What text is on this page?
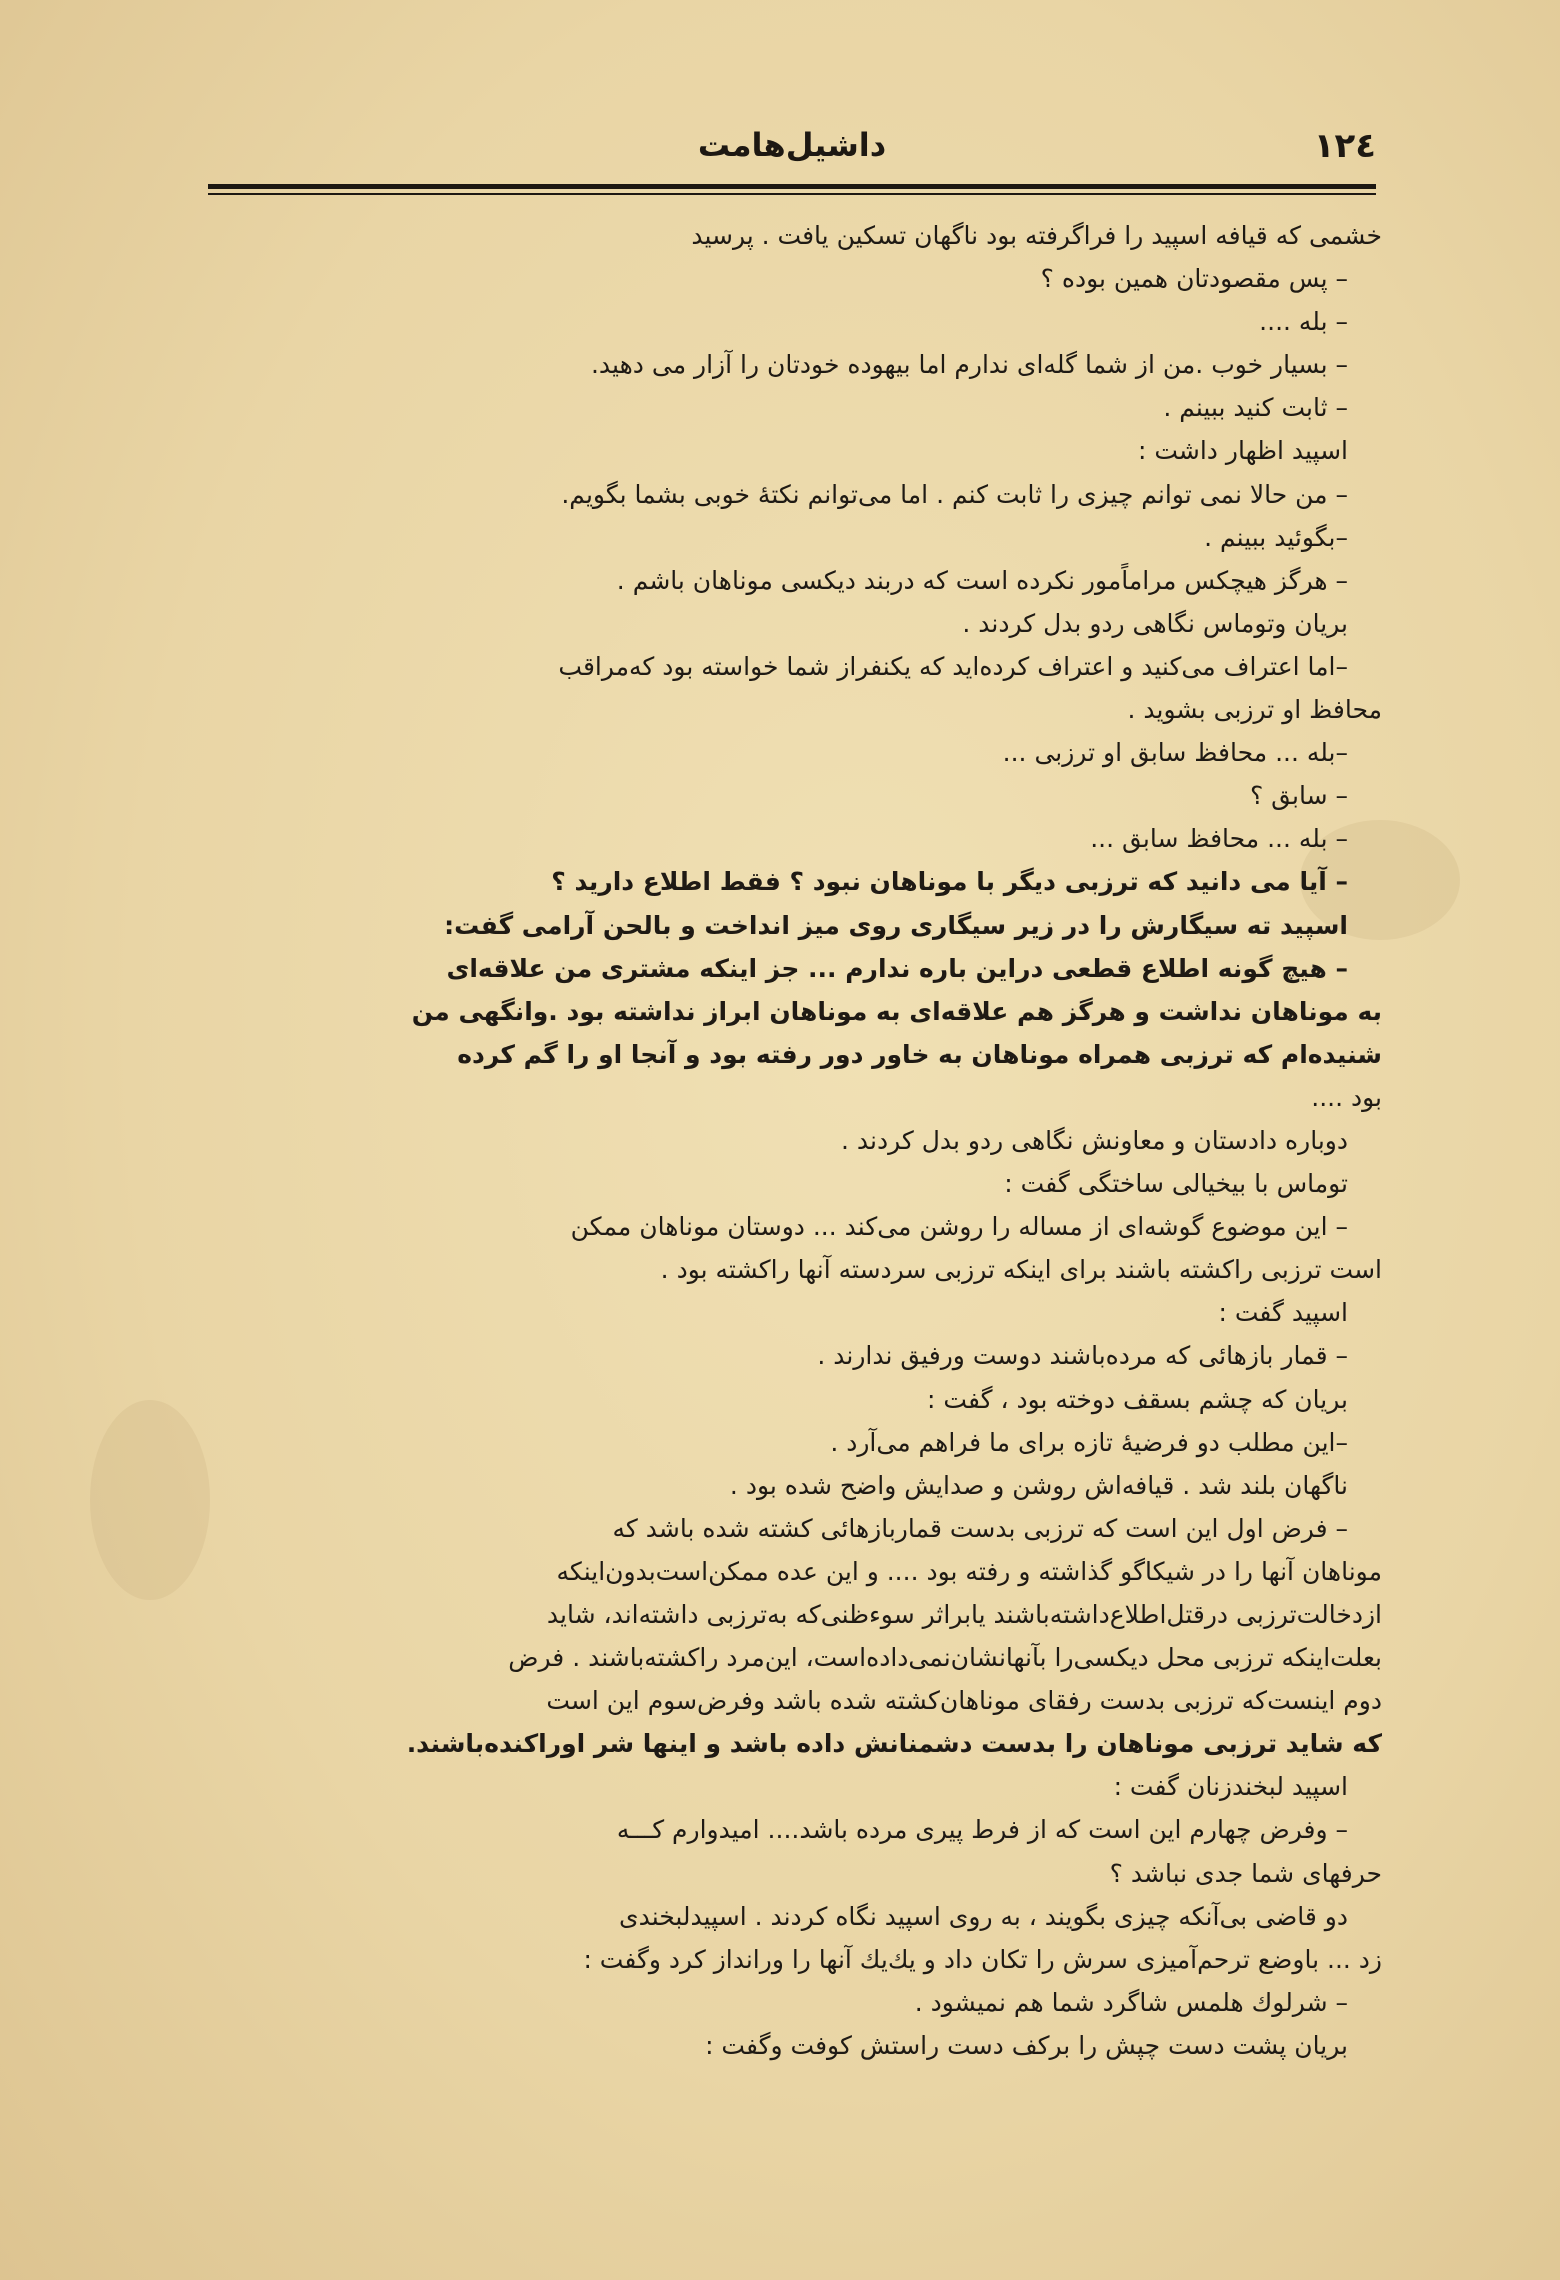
۱۲٤
داشیل‌هامت
خشمی که قیافه اسپید را فراگرفته بود ناگهان تسکین یافت . پرسید
– پس مقصودتان همین بوده ؟
– بله ....
– بسیار خوب .من از شما گله‌ای ندارم اما بیهوده خودتان را آزار می دهید.
– ثابت کنید ببینم .
اسپید اظهار داشت :
– من حالا نمی توانم چیزی را ثابت کنم . اما می‌توانم نکتهٔ خوبی بشما بگویم.
–بگوئید ببینم .
– هرگز هیچکس مراماًمور نکرده است که دربند دیکسی موناهان باشم .
بریان وتوماس نگاهی ردو بدل کردند .
–اما اعتراف می‌کنید و اعتراف کرده‌اید که یکنفراز شما خواسته بود که‌مراقب
محافظ او ترزبی بشوید .
–بله ... محافظ سابق او ترزبی ...
– سابق ؟
– بله ... محافظ سابق ...
– آیا می دانید که ترزبی دیگر با موناهان نبود ؟ فقط اطلاع دارید ؟
اسپید ته سیگارش را در زیر سیگاری روی میز انداخت و بالحن آرامی گفت:
– هیچ گونه اطلاع قطعی دراین باره ندارم ... جز اینکه مشتری من علاقه‌ای
به موناهان نداشت و هرگز هم علاقه‌ای به موناهان ابراز نداشته بود .وانگهی من
شنیده‌ام که ترزبی همراه موناهان به خاور دور رفته بود و آنجا او را گم کرده
بود ....
دوباره دادستان و معاونش نگاهی ردو بدل کردند .
توماس با بیخیالی ساختگی گفت :
– این موضوع گوشه‌ای از مساله را روشن می‌کند ... دوستان موناهان ممکن
است ترزبی راکشته باشند برای اینکه ترزبی سردسته آنها راکشته بود .
اسپید گفت :
– قمار بازهائی که مرده‌باشند دوست ورفیق ندارند .
بریان که چشم بسقف دوخته بود ، گفت :
–این مطلب دو فرضیهٔ تازه برای ما فراهم می‌آرد .
ناگهان بلند شد . قیافه‌اش روشن و صدایش واضح شده بود .
– فرض اول این است که ترزبی بدست قماربازهائی کشته شده باشد که
موناهان آنها را در شیکاگو گذاشته و رفته بود .... و این عده ممکن‌است‌بدون‌اینکه
ازدخالت‌ترزبی درقتل‌اطلاع‌داشته‌باشند یابراثر سوءظنی‌که به‌ترزبی داشته‌اند، شاید
بعلت‌اینکه ترزبی محل دیکسی‌را بآنهانشان‌نمی‌داده‌است، این‌مرد راکشته‌باشند . فرض
دوم اینست‌که ترزبی بدست رفقای موناهان‌کشته شده باشد وفرض‌سوم این است
که شاید ترزبی موناهان را بدست دشمنانش داده باشد و اینها شر اوراکنده‌باشند.
اسپید لبخندزنان گفت :
– وفرض چهارم این است که از فرط پیری مرده باشد.... امیدوارم کـــه
حرفهای شما جدی نباشد ؟
دو قاضی بی‌آنکه چیزی بگویند ، به روی اسپید نگاه کردند . اسپیدلبخندی
زد ... باوضع ترحم‌آمیزی سرش را تکان داد و یك‌یك آنها را ورانداز کرد وگفت :
– شرلوك هلمس شاگرد شما هم نمیشود .
بریان پشت دست چپش را برکف دست راستش کوفت وگفت :
